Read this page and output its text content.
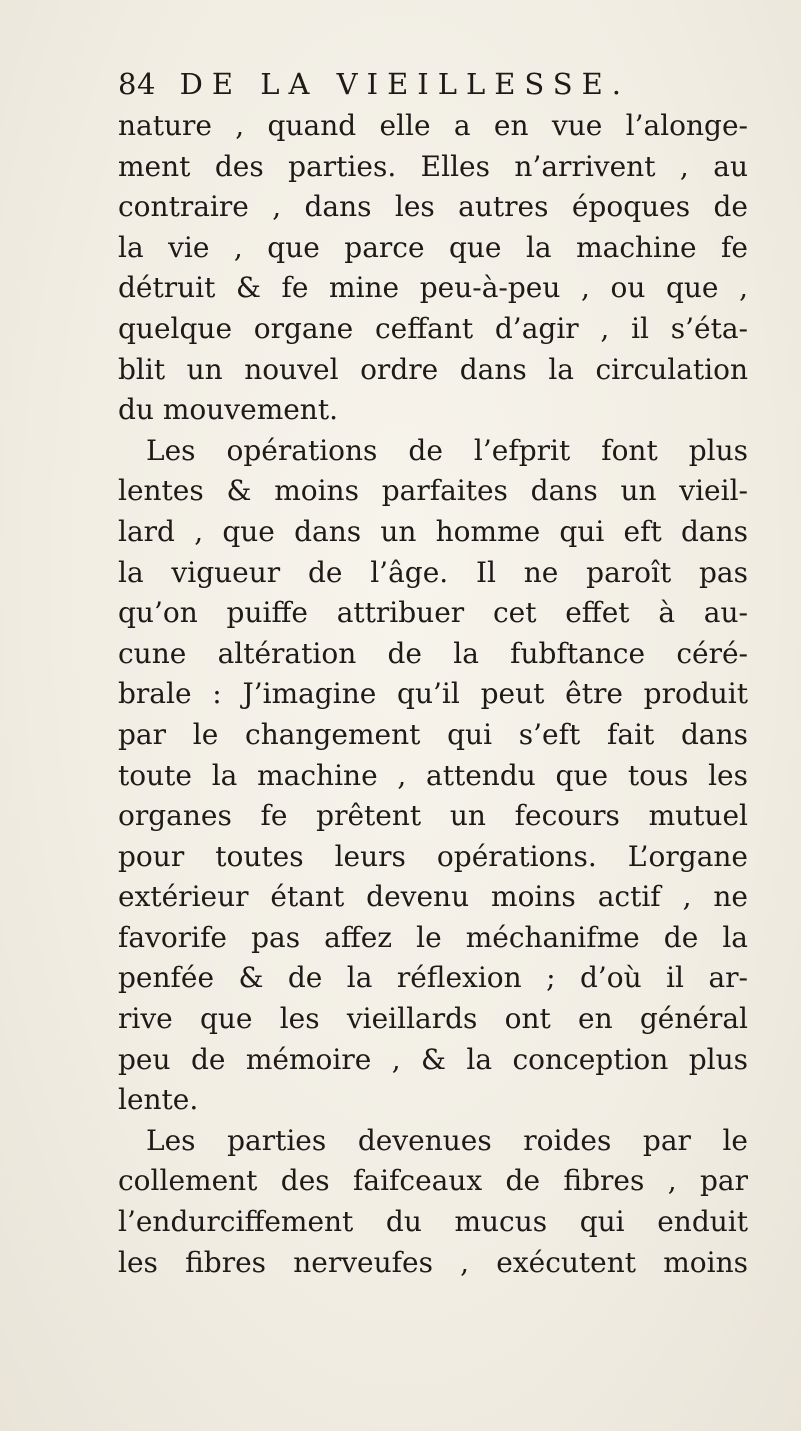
84 DE LA VIEILLESSE.
nature , quand elle a en vue l’alonge-
ment des parties. Elles n’arrivent , au
contraire , dans les autres époques de
la vie , que parce que la machine fe
détruit & fe mine peu-à-peu , ou que ,
quelque organe ceffant d’agir , il s’éta-
blit un nouvel ordre dans la circulation
du mouvement.
Les opérations de l’efprit font plus
lentes & moins parfaites dans un vieil-
lard , que dans un homme qui eft dans
la vigueur de l’âge. Il ne paroît pas
qu’on puiffe attribuer cet effet à au-
cune altération de la fubftance céré-
brale : J’imagine qu’il peut être produit
par le changement qui s’eft fait dans
toute la machine , attendu que tous les
organes fe prêtent un fecours mutuel
pour toutes leurs opérations. L’organe
extérieur étant devenu moins actif , ne
favorife pas affez le méchanifme de la
penfée & de la réflexion ; d’où il ar-
rive que les vieillards ont en général
peu de mémoire , & la conception plus
lente.
Les parties devenues roides par le
collement des faifceaux de fibres , par
l’endurciffement du mucus qui enduit
les fibres nerveufes , exécutent moins
